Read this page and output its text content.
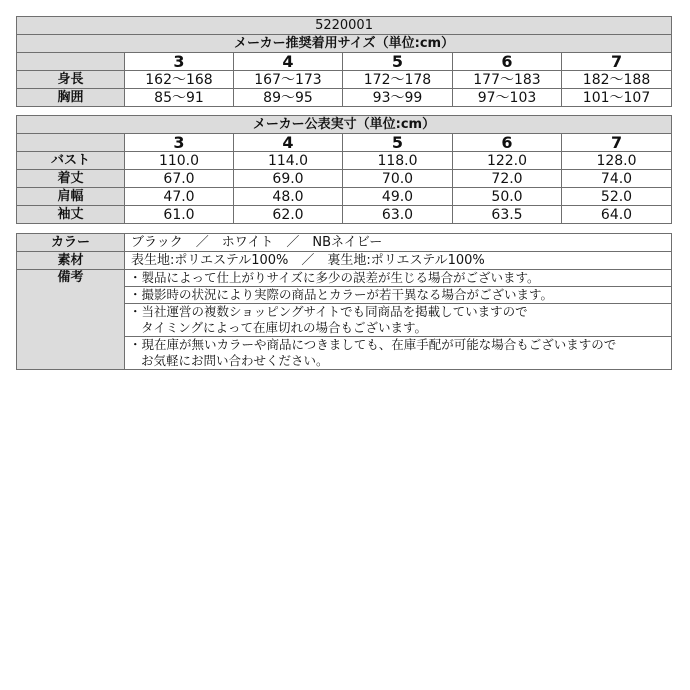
5220001					
メーカー推奨着用サイズ（単位:cm）					
	3	4	5	6	7
身長	162～168	167～173	172～178	177～183	182～188
胸囲	85～91	89～95	93～99	97～103	101～107
メーカー公表実寸（単位:cm）					
	3	4	5	6	7
バスト	110.0	114.0	118.0	122.0	128.0
着丈	67.0	69.0	70.0	72.0	74.0
肩幅	47.0	48.0	49.0	50.0	52.0
袖丈	61.0	62.0	63.0	63.5	64.0
カラー	ブラック　／　ホワイト　／　NBネイビー
素材	表生地:ポリエステル100%　／　裏生地:ポリエステル100%
備考	・製品によって仕上がりサイズに多少の誤差が生じる場合がございます。

	・撮影時の状況により実際の商品とカラーが若干異なる場合がございます。

	・当社運営の複数ショッピングサイトでも同商品を掲載していますので
タイミングによって在庫切れの場合もございます。

	・現在庫が無いカラーや商品につきましても、在庫手配が可能な場合もございますので
お気軽にお問い合わせください。
